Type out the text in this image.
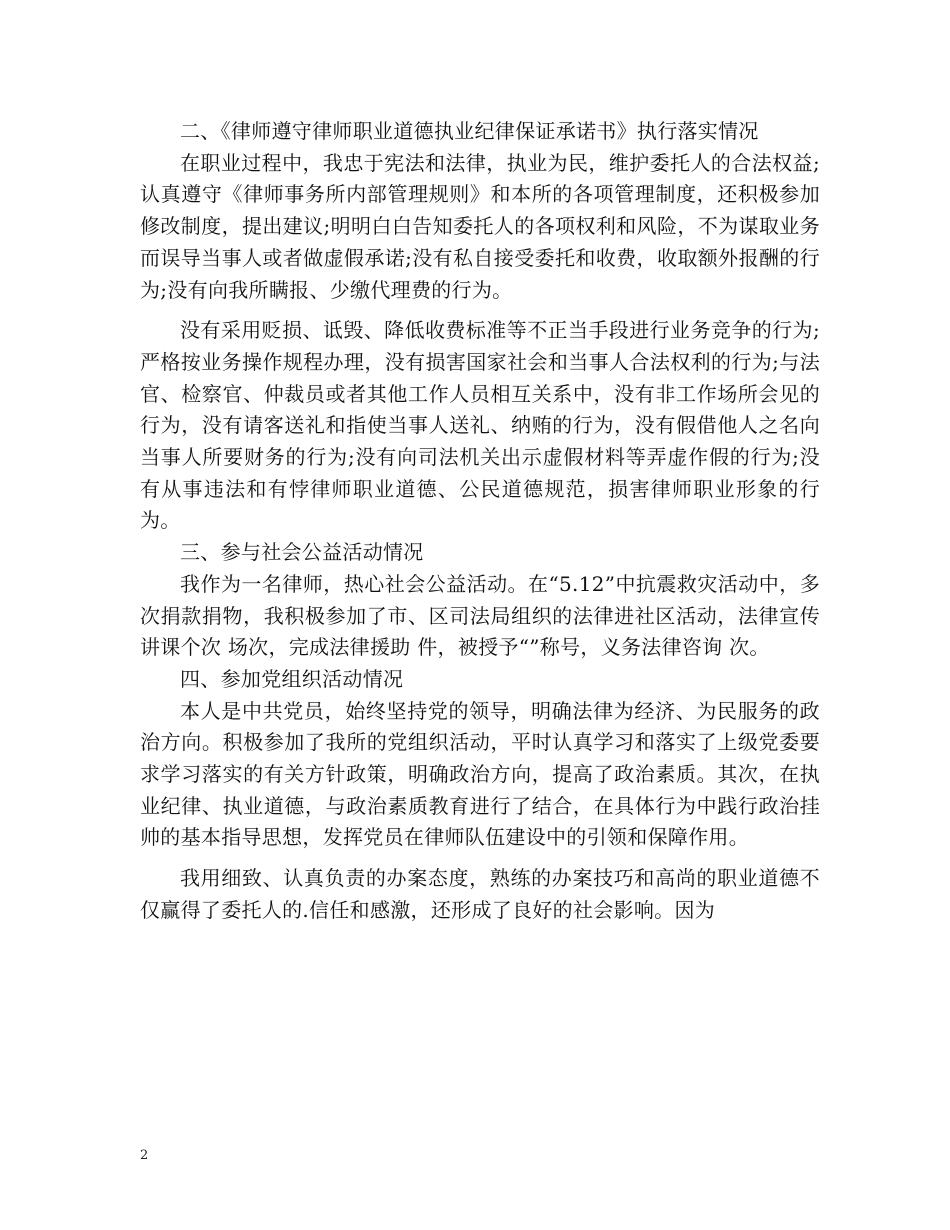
二、《律师遵守律师职业道德执业纪律保证承诺书》执行落实情况

在职业过程中，我忠于宪法和法律，执业为民，维护委托人的合法权益;认真遵守《律师事务所内部管理规则》和本所的各项管理制度，还积极参加修改制度，提出建议;明明白白告知委托人的各项权利和风险，不为谋取业务而误导当事人或者做虚假承诺;没有私自接受委托和收费，收取额外报酬的行为;没有向我所瞒报、少缴代理费的行为。

没有采用贬损、诋毁、降低收费标准等不正当手段进行业务竞争的行为;严格按业务操作规程办理，没有损害国家社会和当事人合法权利的行为;与法官、检察官、仲裁员或者其他工作人员相互关系中，没有非工作场所会见的行为，没有请客送礼和指使当事人送礼、纳贿的行为，没有假借他人之名向当事人所要财务的行为;没有向司法机关出示虚假材料等弄虚作假的行为;没有从事违法和有悖律师职业道德、公民道德规范，损害律师职业形象的行为。

三、参与社会公益活动情况

我作为一名律师，热心社会公益活动。在“5.12”中抗震救灾活动中，多次捐款捐物，我积极参加了市、区司法局组织的法律进社区活动，法律宣传讲课个次 场次，完成法律援助 件，被授予“”称号，义务法律咨询 次。

四、参加党组织活动情况

本人是中共党员，始终坚持党的领导，明确法律为经济、为民服务的政治方向。积极参加了我所的党组织活动，平时认真学习和落实了上级党委要求学习落实的有关方针政策，明确政治方向，提高了政治素质。其次，在执业纪律、执业道德，与政治素质教育进行了结合，在具体行为中践行政治挂帅的基本指导思想，发挥党员在律师队伍建设中的引领和保障作用。

我用细致、认真负责的办案态度，熟练的办案技巧和高尚的职业道德不仅赢得了委托人的.信任和感激，还形成了良好的社会影响。因为

2
